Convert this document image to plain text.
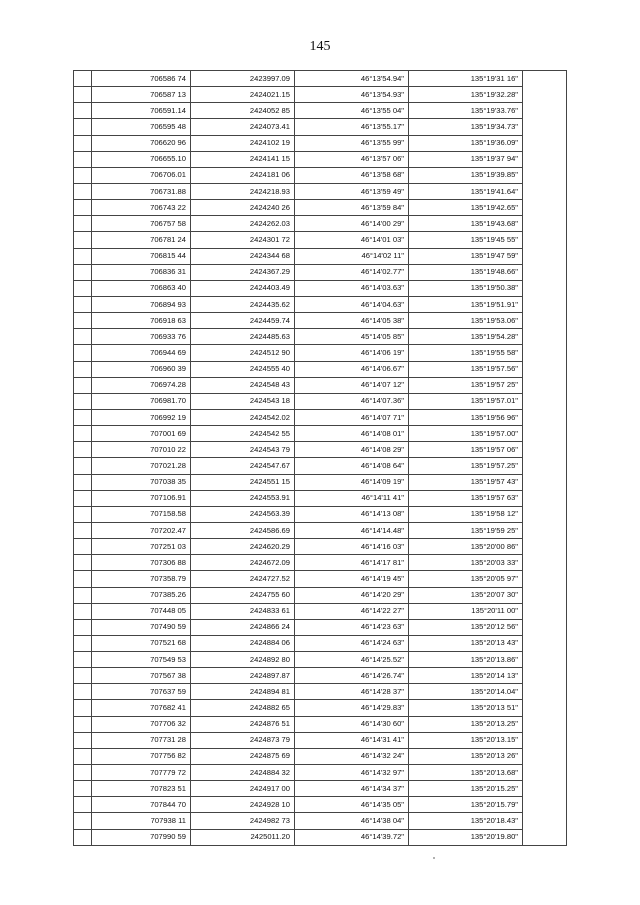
145
	706586 74	2423997.09	46°13'54.94"	135°19'31 16"	
	706587 13	2424021.15	46°13'54.93"	135°19'32.28"	
	706591.14	2424052 85	46°13'55 04"	135°19'33.76"	
	706595 48	2424073.41	46°13'55.17"	135°19'34.73"	
	706620 96	2424102 19	46°13'55 99"	135°19'36.09"	
	706655.10	2424141 15	46°13'57 06"	135°19'37 94"	
	706706.01	2424181 06	46°13'58 68"	135°19'39.85"	
	706731.88	2424218.93	46°13'59 49"	135°19'41.64"	
	706743 22	2424240 26	46°13'59 84"	135°19'42.65"	
	706757 58	2424262.03	46°14'00 29"	135°19'43.68"	
	706781 24	2424301 72	46°14'01 03"	135°19'45 55"	
	706815 44	2424344 68	46°14'02 11"	135°19'47 59"	
	706836 31	2424367.29	46°14'02.77"	135°19'48.66"	
	706863 40	2424403.49	46°14'03.63"	135°19'50.38"	
	706894 93	2424435.62	46°14'04.63"	135°19'51.91"	
	706918 63	2424459.74	46°14'05 38"	135°19'53.06"	
	706933 76	2424485.63	45°14'05 85"	135°19'54.28"	
	706944 69	2424512 90	46°14'06 19"	135°19'55 58"	
	706960 39	2424555 40	46°14'06.67"	135°19'57.56"	
	706974.28	2424548 43	46°14'07 12"	135°19'57 25"	
	706981.70	2424543 18	46°14'07.36"	135°19'57.01"	
	706992 19	2424542.02	46°14'07 71"	135°19'56 96"	
	707001 69	2424542 55	46°14'08 01"	135°19'57.00"	
	707010 22	2424543 79	46°14'08 29"	135°19'57 06"	
	707021.28	2424547.67	46°14'08 64"	135°19'57.25"	
	707038 35	2424551 15	46°14'09 19"	135°19'57 43"	
	707106.91	2424553.91	46°14'11 41"	135°19'57 63"	
	707158.58	2424563.39	46°14'13 08"	135°19'58 12"	
	707202.47	2424586.69	46°14'14.48"	135°19'59 25"	
	707251 03	2424620.29	46°14'16 03"	135°20'00 86"	
	707306 88	2424672.09	46°14'17 81"	135°20'03 33"	
	707358.79	2424727.52	46°14'19 45"	135°20'05 97"	
	707385.26	2424755 60	46°14'20 29"	135°20'07 30"	
	707448 05	2424833 61	46°14'22 27"	135°20'11 00"	
	707490 59	2424866 24	46°14'23 63"	135°20'12 56"	
	707521 68	2424884 06	46°14'24 63"	135°20'13 43"	
	707549 53	2424892 80	46°14'25.52"	135°20'13.86"	
	707567 38	2424897.87	46°14'26.74"	135°20'14 13"	
	707637 59	2424894 81	46°14'28 37"	135°20'14.04"	
	707682 41	2424882 65	46°14'29.83"	135°20'13 51"	
	707706 32	2424876 51	46°14'30 60"	135°20'13.25"	
	707731 28	2424873 79	46°14'31 41"	135°20'13.15"	
	707756 82	2424875 69	46°14'32 24"	135°20'13 26"	
	707779 72	2424884 32	46°14'32 97"	135°20'13.68"	
	707823 51	2424917 00	46°14'34 37"	135°20'15.25"	
	707844 70	2424928 10	46°14'35 05"	135°20'15.79"	
	707938 11	2424982 73	46°14'38 04"	135°20'18.43"	
	707990 59	2425011.20	46°14'39.72"	135°20'19.80"	
